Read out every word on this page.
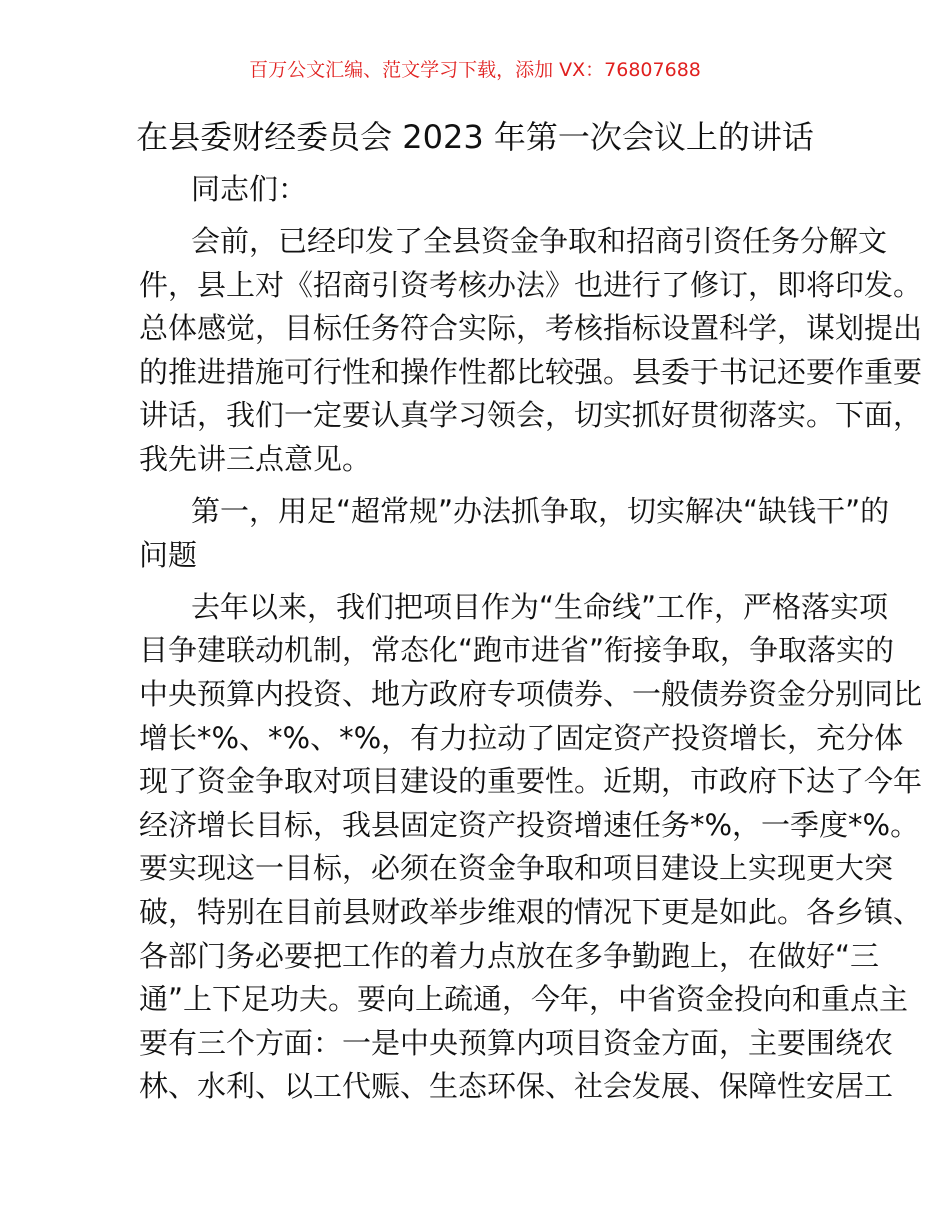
百万公文汇编、范文学习下载，添加 VX：76807688
在县委财经委员会 2023 年第一次会议上的讲话
同志们：
会前，已经印发了全县资金争取和招商引资任务分解文
件，县上对《招商引资考核办法》也进行了修订，即将印发。
总体感觉，目标任务符合实际，考核指标设置科学，谋划提出
的推进措施可行性和操作性都比较强。县委于书记还要作重要
讲话，我们一定要认真学习领会，切实抓好贯彻落实。下面，
我先讲三点意见。
第一，用足“超常规”办法抓争取，切实解决“缺钱干”的
问题
去年以来，我们把项目作为“生命线”工作，严格落实项
目争建联动机制，常态化“跑市进省”衔接争取，争取落实的
中央预算内投资、地方政府专项债券、一般债券资金分别同比
增长*%、*%、*%，有力拉动了固定资产投资增长，充分体
现了资金争取对项目建设的重要性。近期，市政府下达了今年
经济增长目标，我县固定资产投资增速任务*%，一季度*%。
要实现这一目标，必须在资金争取和项目建设上实现更大突
破，特别在目前县财政举步维艰的情况下更是如此。各乡镇、
各部门务必要把工作的着力点放在多争勤跑上，在做好“三
通”上下足功夫。要向上疏通，今年，中省资金投向和重点主
要有三个方面：一是中央预算内项目资金方面，主要围绕农
林、水利、以工代赈、生态环保、社会发展、保障性安居工
